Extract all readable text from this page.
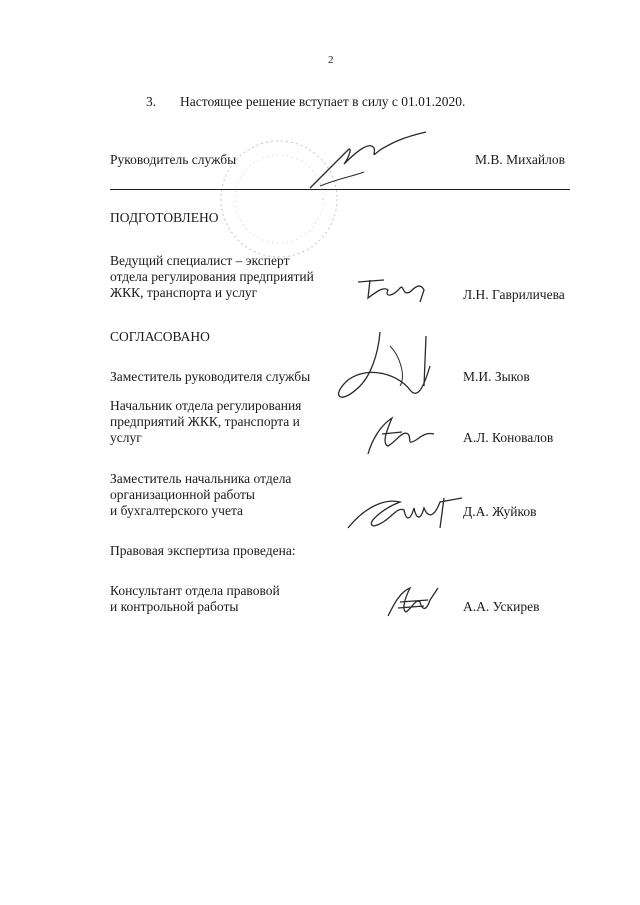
2
3. Настоящее решение вступает в силу с 01.01.2020.
Руководитель службы	М.В. Михайлов
ПОДГОТОВЛЕНО
Ведущий специалист – эксперт
отдела регулирования предприятий
ЖКК, транспорта и услуг	Л.Н. Гавриличева
СОГЛАСОВАНО
Заместитель руководителя службы	М.И. Зыков
Начальник отдела регулирования
предприятий ЖКК, транспорта и
услуг	А.Л. Коновалов
Заместитель начальника отдела
организационной работы
и бухгалтерского учета	Д.А. Жуйков
Правовая экспертиза проведена:
Консультант отдела правовой
и контрольной работы	А.А. Ускирев
